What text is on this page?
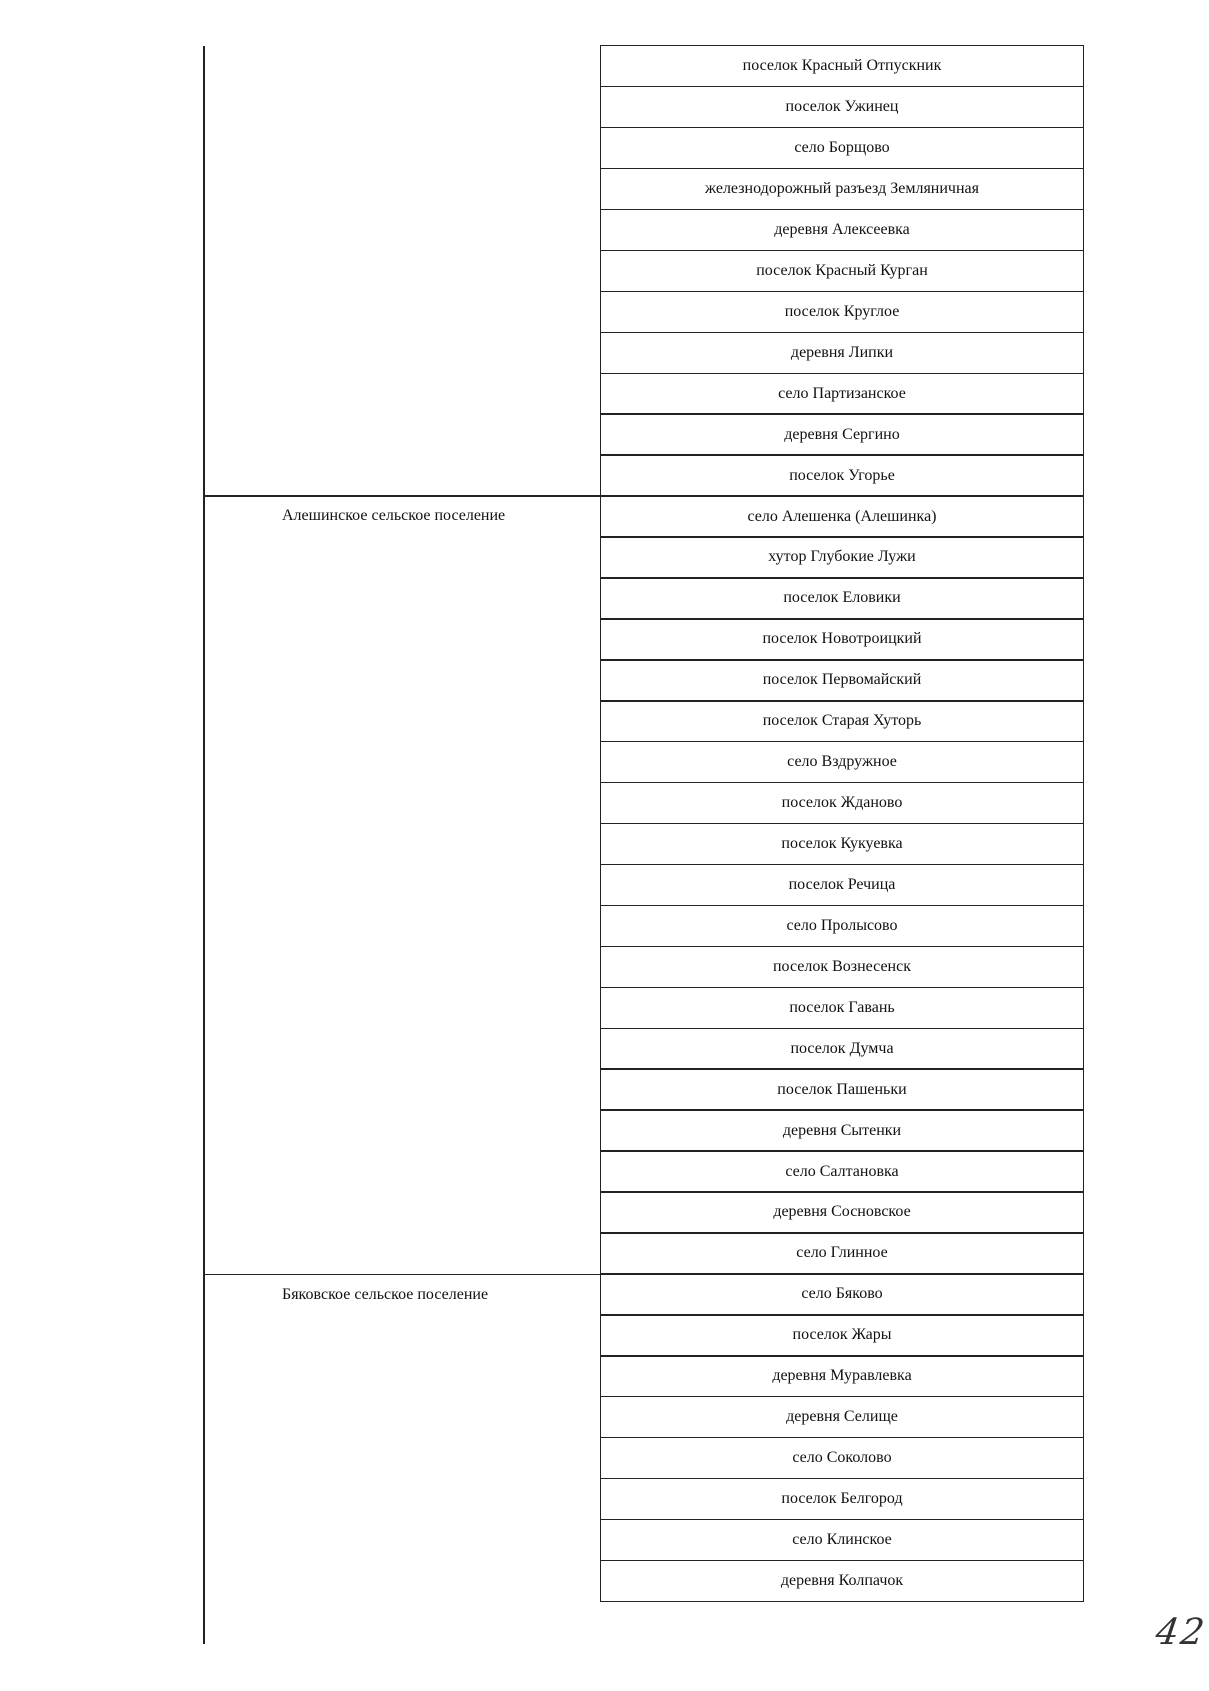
Алешинское сельское поселение
Бяковское сельское поселение
поселок Красный Отпускник
поселок Ужинец
село Борщово
железнодорожный разъезд Земляничная
деревня Алексеевка
поселок Красный Курган
поселок Круглое
деревня Липки
село Партизанское
деревня Сергино
поселок Угорье
село Алешенка (Алешинка)
хутор Глубокие Лужи
поселок Еловики
поселок Новотроицкий
поселок Первомайский
поселок Старая Хуторь
село Вздружное
поселок Жданово
поселок Кукуевка
поселок Речица
село Пролысово
поселок Вознесенск
поселок Гавань
поселок Думча
поселок Пашеньки
деревня Сытенки
село Салтановка
деревня Сосновское
село Глинное
село Бяково
поселок Жары
деревня Муравлевка
деревня Селище
село Соколово
поселок Белгород
село Клинское
деревня Колпачок
42
